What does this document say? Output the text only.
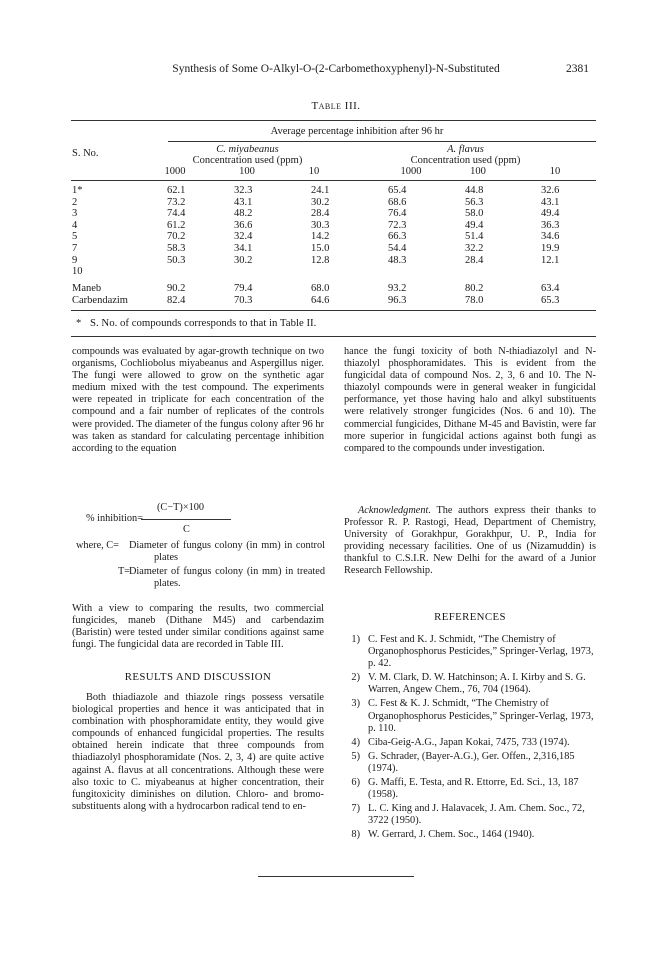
Synthesis of Some O-Alkyl-O-(2-Carbomethoxyphenyl)-N-Substituted	2381
Table III.
Average percentage inhibition after 96 hr
S. No.	C. miyabeanus
Concentration used (ppm)
A. flavus
Concentration used (ppm)
1000	100	10	1000	100	10
1*	62.1	32.3	24.1	65.4	44.8	32.6
2	73.2	43.1	30.2	68.6	56.3	43.1
3	74.4	48.2	28.4	76.4	58.0	49.4
4	61.2	36.6	30.3	72.3	49.4	36.3
5	70.2	32.4	14.2	66.3	51.4	34.6
7	58.3	34.1	15.0	54.4	32.2	19.9
9	50.3	30.2	12.8	48.3	28.4	12.1
10
Maneb	90.2	79.4	68.0	93.2	80.2	63.4
Carbendazim	82.4	70.3	64.6	96.3	78.0	65.3
* S. No. of compounds corresponds to that in Table II.

compounds was evaluated by agar-growth technique on two organisms, Cochliobolus miyabeanus and Aspergillus niger. The fungi were allowed to grow on the synthetic agar medium mixed with the test compound. The experiments were repeated in triplicate for each concentration of the compound and a fair number of replicates of the controls were provided. The diameter of the fungus colony after 96 hr was taken as standard for calculating percentage inhibition according to the equation

(C−T)×100
% inhibition=
C
where, C= Diameter of fungus colony (in mm) in control plates
T=
Diameter of fungus colony (in mm) in treated plates.
With a view to comparing the results, two commercial fungicides, maneb (Dithane M45) and carbendazim (Baristin) were tested under similar conditions against same fungi. The fungicidal data are recorded in Table III.
RESULTS AND DISCUSSION

Both thiadiazole and thiazole rings possess versatile biological properties and hence it was anticipated that in combination with phosphoramidate entity, they would give compounds of enhanced fungicidal properties. The results obtained herein indicate that three compounds from thiadiazolyl phosphoramidate (Nos. 2, 3, 4) are quite active against A. flavus at all concentrations. Although these were also toxic to C. miyabeanus at higher concentration, their fungitoxicity diminishes on dilution. Chloro- and bromo-substituents along with a hydrocarbon radical tend to en-

hance the fungi toxicity of both N-thiadiazolyl and N-thiazolyl phosphoramidates. This is evident from the fungicidal data of compound Nos. 2, 3, 6 and 10. The N-thiazolyl compounds were in general weaker in fungicidal performance, yet those having halo and alkyl substituents were relatively stronger fungicides (Nos. 6 and 10). The commercial fungicides, Dithane M-45 and Bavistin, were far more superior in fungicidal actions against both fungi as compared to the compounds under investigation.

Acknowledgment. The authors express their thanks to Professor R. P. Rastogi, Head, Department of Chemistry, University of Gorakhpur, Gorakhpur, U. P., India for providing necessary facilities. One of us (Nizamuddin) is thankful to C.S.I.R. New Delhi for the award of a Junior Research Fellowship.

REFERENCES
1) C. Fest and K. J. Schmidt, “The Chemistry of Organophosphorus Pesticides,” Springer-Verlag, 1973, p. 42.
2) V. M. Clark, D. W. Hatchinson; A. I. Kirby and S. G. Warren, Angew Chem., 76, 704 (1964).
3) C. Fest & K. J. Schmidt, “The Chemistry of Organophosphorus Pesticides,” Springer-Verlag, 1973, p. 110.
4) Ciba-Geig-A.G., Japan Kokai, 7475, 733 (1974).
5) G. Schrader, (Bayer-A.G.), Ger. Offen., 2,316,185 (1974).
6) G. Maffi, E. Testa, and R. Ettorre, Ed. Sci., 13, 187 (1958).
7) L. C. King and J. Halavacek, J. Am. Chem. Soc., 72, 3722 (1950).
8) W. Gerrard, J. Chem. Soc., 1464 (1940).
